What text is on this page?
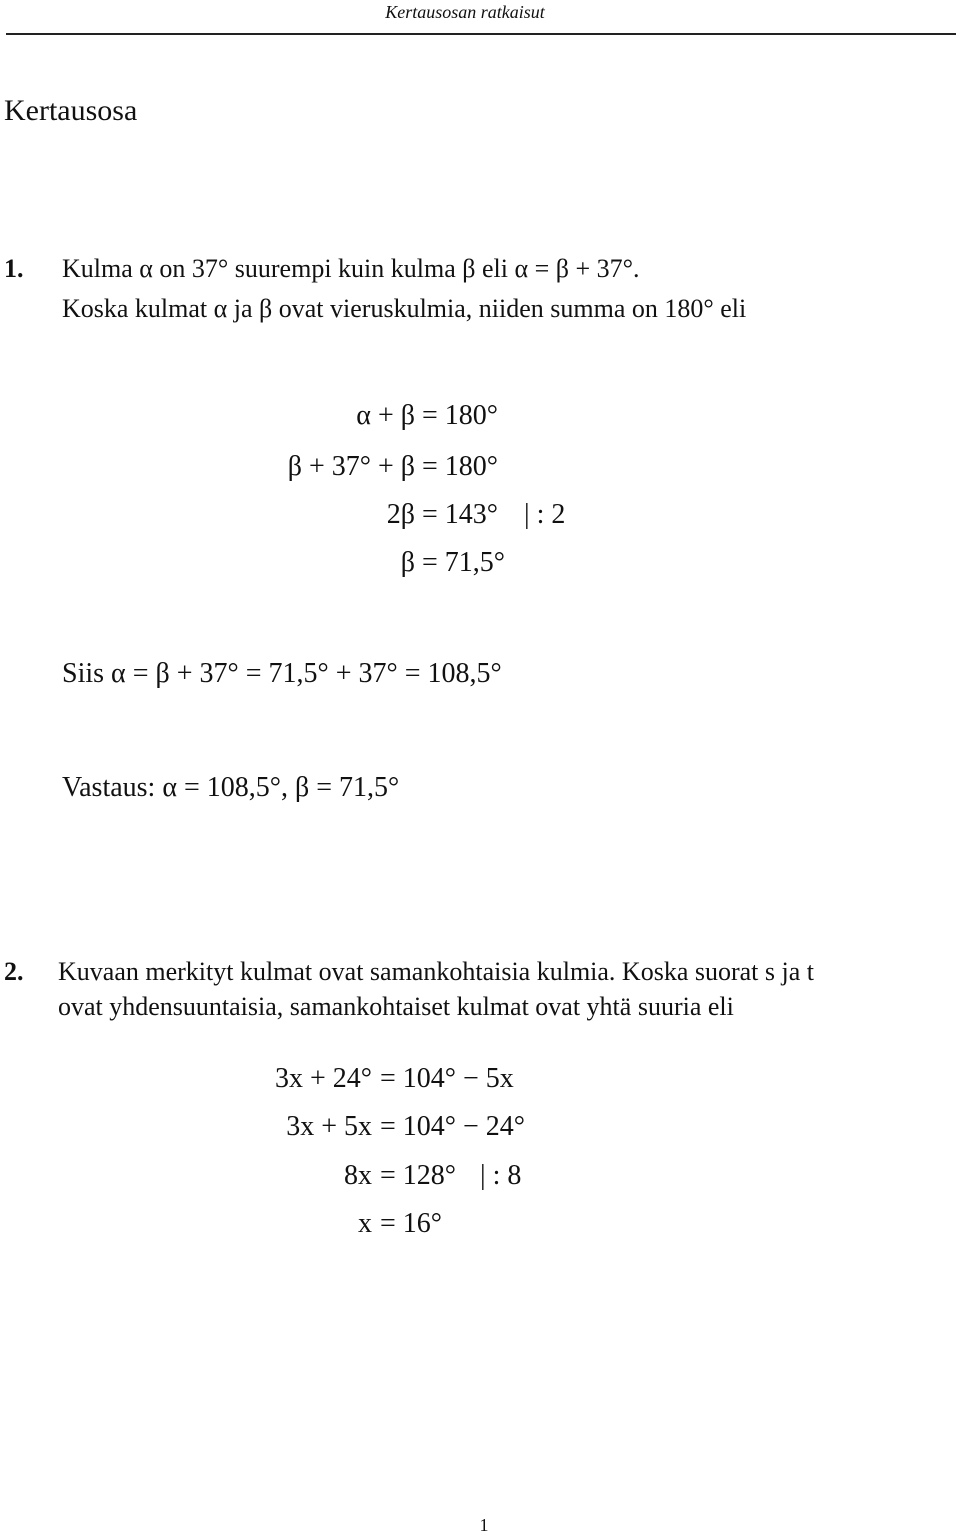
Kertausosan ratkaisut
Kertausosa
1. Kulma α on 37° suurempi kuin kulma β eli α = β + 37°.
Koska kulmat α ja β ovat vieruskulmia, niiden summa on 180° eli
α + β = 180°
β + 37° + β = 180°
2β = 143° | : 2
β = 71,5°
Siis α = β + 37° = 71,5° + 37° = 108,5°
Vastaus: α = 108,5°, β = 71,5°
2. Kuvaan merkityt kulmat ovat samankohtaisia kulmia. Koska suorat s ja t
ovat yhdensuuntaisia, samankohtaiset kulmat ovat yhtä suuria eli
3x + 24° = 104° − 5x
3x + 5x = 104° − 24°
8x = 128° | : 8
x = 16°
1
